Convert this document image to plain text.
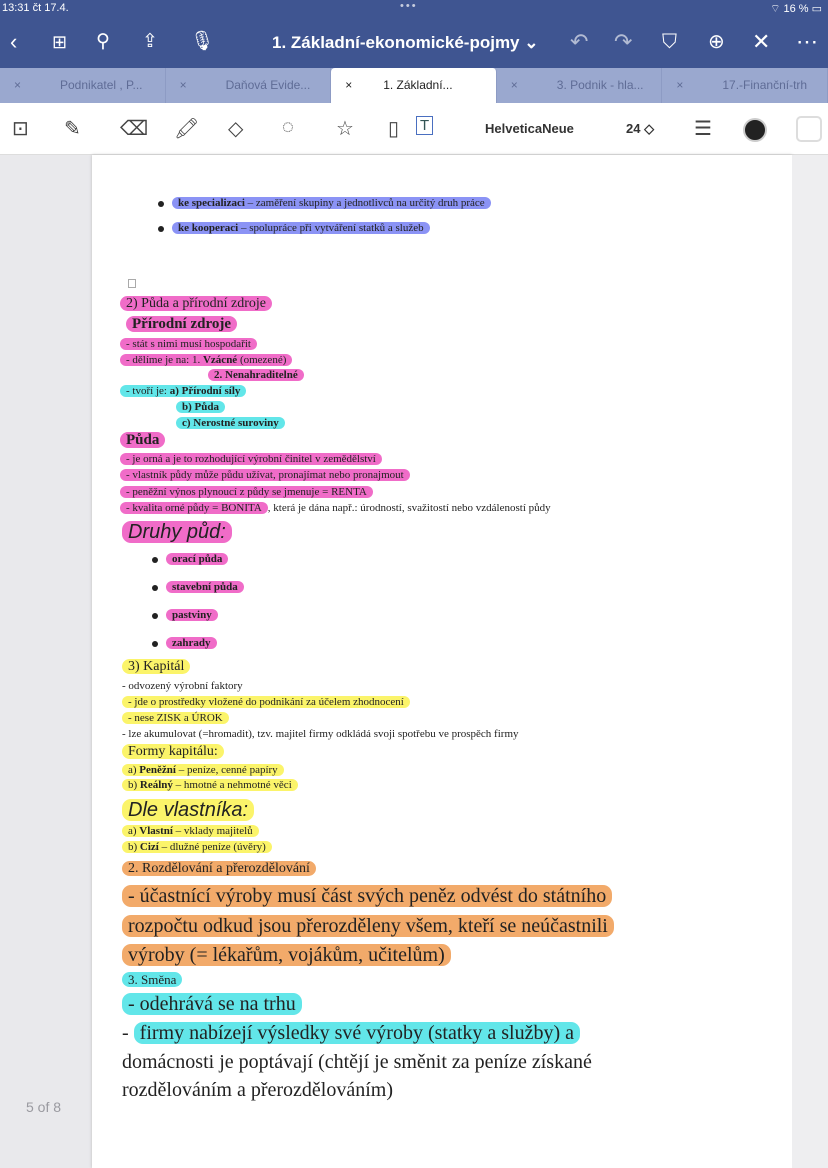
13:31 čt 17.4.	•••	⌔ 16 % ▭
‹ ⊞ ⚲ ⇪ 🎙︎	1. Základní-ekonomické-pojmy ⌄ ↶ ↷ ⛉ ⊕ ✕ ⋯
×	Podnikatel , P...	×	Daňová Evide...	×	1. Základní...	×	3. Podnik - hla...	×	17.-Finanční-trh
⊡ ✎ ⌫ 🖍︎ ◇ ◌ ☆ ▯ T	HelveticaNeue	24 ◇ ☰
ke specializaci – zaměření skupiny a jednotlivců na určitý druh práce
ke kooperaci – spolupráce při vytváření statků a služeb
2) Půda a přírodní zdroje
Přírodní zdroje
- stát s nimi musí hospodařit
- dělíme je na: 1. Vzácné (omezené)
2. Nenahraditelné
- tvoří je: a) Přírodní síly
b) Půda
c) Nerostné suroviny
Půda
- je orná a je to rozhodující výrobní činitel v zemědělství
- vlastník půdy může půdu užívat, pronajímat nebo pronajmout
- peněžní výnos plynoucí z půdy se jmenuje = RENTA
- kvalita orné půdy = BONITA , která je dána např.: úrodností, svažitostí nebo vzdáleností půdy
Druhy půd:
orací půda
stavební půda
pastviny
zahrady
3) Kapitál
- odvozený výrobní faktory
- jde o prostředky vložené do podnikání za účelem zhodnocení
- nese ZISK a ÚROK
- lze akumulovat (=hromadit), tzv. majitel firmy odkládá svoji spotřebu ve prospěch firmy
Formy kapitálu:
a) Peněžní – peníze, cenné papíry
b) Reálný – hmotné a nehmotné věci
Dle vlastníka:
a) Vlastní – vklady majitelů
b) Cizí – dlužné peníze (úvěry)
2. Rozdělování a přerozdělování
- účastnící výroby musí část svých peněz odvést do státního
rozpočtu odkud jsou přerozděleny všem, kteří se neúčastnili
výroby (= lékařům, vojákům, učitelům)
3. Směna
- odehrává se na trhu
- firmy nabízejí výsledky své výroby (statky a služby) a
domácnosti je poptávají (chtějí je směnit za peníze získané
rozdělováním a přerozdělováním)
5 of 8
